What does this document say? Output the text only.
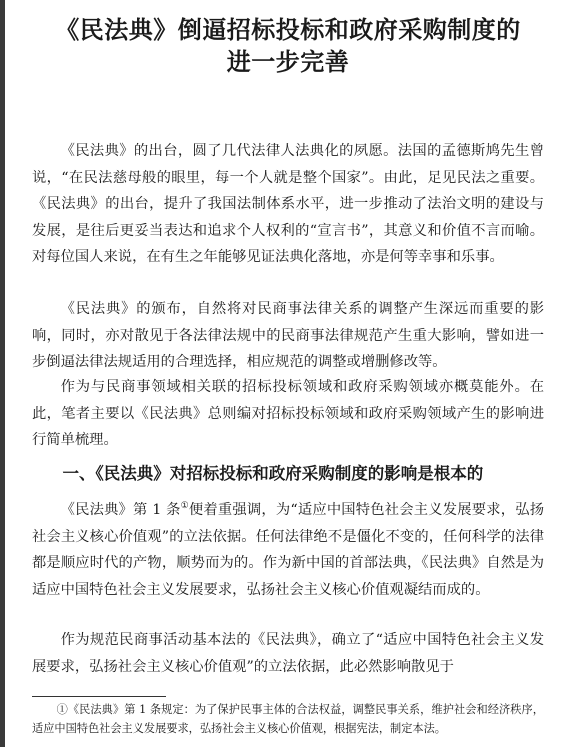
《民法典》倒逼招标投标和政府采购制度的
进一步完善

《民法典》的出台，圆了几代法律人法典化的夙愿。法国的孟德斯鸠先生曾说，“在民法慈母般的眼里，每一个人就是整个国家”。由此，足见民法之重要。《民法典》的出台，提升了我国法制体系水平，进一步推动了法治文明的建设与发展，是往后更妥当表达和追求个人权利的“宣言书”，其意义和价值不言而喻。对每位国人来说，在有生之年能够见证法典化落地，亦是何等幸事和乐事。

《民法典》的颁布，自然将对民商事法律关系的调整产生深远而重要的影响，同时，亦对散见于各法律法规中的民商事法律规范产生重大影响，譬如进一步倒逼法律法规适用的合理选择，相应规范的调整或增删修改等。

作为与民商事领域相关联的招标投标领域和政府采购领域亦概莫能外。在此，笔者主要以《民法典》总则编对招标投标领域和政府采购领域产生的影响进行简单梳理。

一、《民法典》对招标投标和政府采购制度的影响是根本的

《民法典》第 1 条①便着重强调，为“适应中国特色社会主义发展要求，弘扬社会主义核心价值观”的立法依据。任何法律绝不是僵化不变的，任何科学的法律都是顺应时代的产物，顺势而为的。作为新中国的首部法典，《民法典》自然是为适应中国特色社会主义发展要求，弘扬社会主义核心价值观凝结而成的。

作为规范民商事活动基本法的《民法典》，确立了“适应中国特色社会主义发展要求，弘扬社会主义核心价值观”的立法依据，此必然影响散见于

①《民法典》第 1 条规定：为了保护民事主体的合法权益，调整民事关系，维护社会和经济秩序，适应中国特色社会主义发展要求，弘扬社会主义核心价值观，根据宪法，制定本法。
